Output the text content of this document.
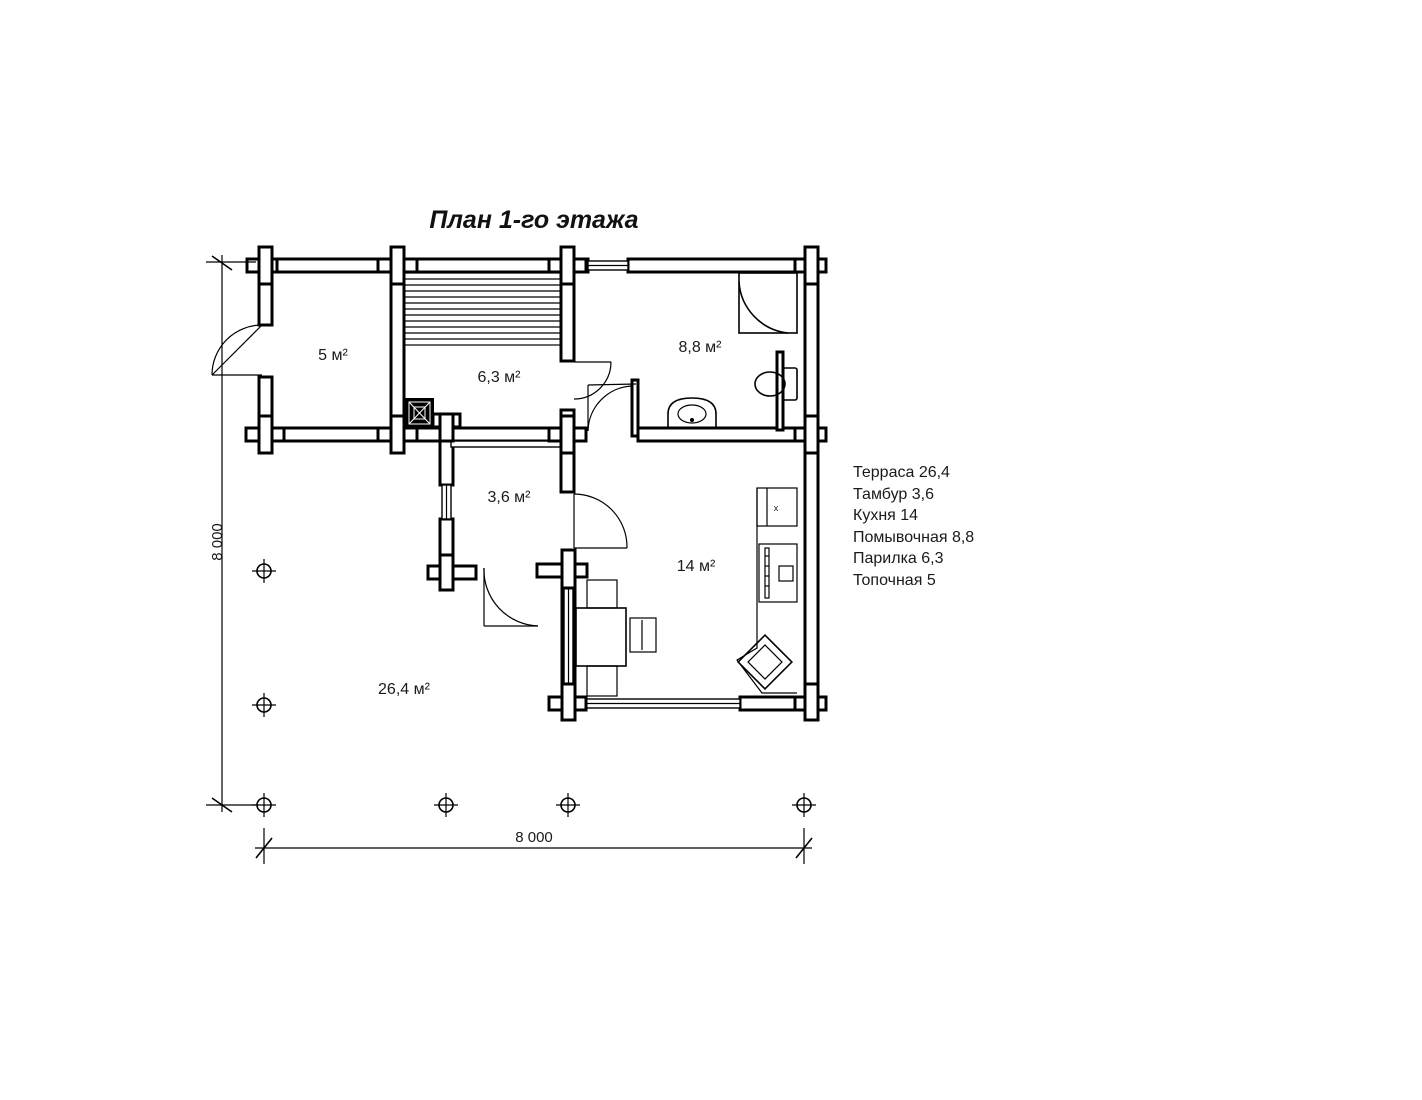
План 1-го этажа
x
8 000
8 000
5 м²
6,3 м²
8,8 м²
3,6 м²
14 м²
26,4 м²
Терраса 26,4
Тамбур 3,6
Кухня 14
Помывочная 8,8
Парилка 6,3
Топочная 5
